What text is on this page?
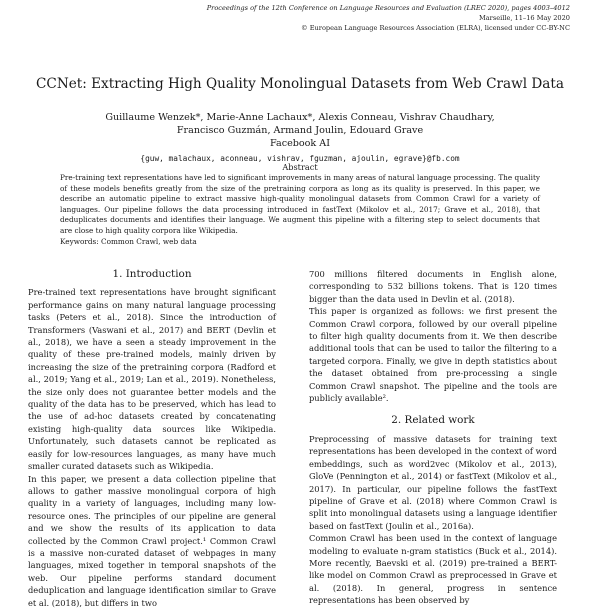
Proceedings of the 12th Conference on Language Resources and Evaluation (LREC 2020), pages 4003–4012
Marseille, 11–16 May 2020
© European Language Resources Association (ELRA), licensed under CC-BY-NC
CCNet: Extracting High Quality Monolingual Datasets from Web Crawl Data
Guillaume Wenzek*, Marie-Anne Lachaux*, Alexis Conneau, Vishrav Chaudhary,
Francisco Guzmán, Armand Joulin, Edouard Grave
Facebook AI
{guw, malachaux, aconneau, vishrav, fguzman, ajoulin, egrave}@fb.com
Abstract
Pre-training text representations have led to significant improvements in many areas of natural language processing. The quality of these models benefits greatly from the size of the pretraining corpora as long as its quality is preserved. In this paper, we describe an automatic pipeline to extract massive high-quality monolingual datasets from Common Crawl for a variety of languages. Our pipeline follows the data processing introduced in fastText (Mikolov et al., 2017; Grave et al., 2018), that deduplicates documents and identifies their language. We augment this pipeline with a filtering step to select documents that are close to high quality corpora like Wikipedia.
Keywords: Common Crawl, web data
1. Introduction

Pre-trained text representations have brought significant performance gains on many natural language processing tasks (Peters et al., 2018). Since the introduction of Transformers (Vaswani et al., 2017) and BERT (Devlin et al., 2018), we have a seen a steady improvement in the quality of these pre-trained models, mainly driven by increasing the size of the pretraining corpora (Radford et al., 2019; Yang et al., 2019; Lan et al., 2019). Nonetheless, the size only does not guarantee better models and the quality of the data has to be preserved, which has lead to the use of ad-hoc datasets created by concatenating existing high-quality data sources like Wikipedia. Unfortunately, such datasets cannot be replicated as easily for low-resources languages, as many have much smaller curated datasets such as Wikipedia.

In this paper, we present a data collection pipeline that allows to gather massive monolingual corpora of high quality in a variety of languages, including many low-resource ones. The principles of our pipeline are general and we show the results of its application to data collected by the Common Crawl project.¹ Common Crawl is a massive non-curated dataset of webpages in many languages, mixed together in temporal snapshots of the web. Our pipeline performs standard document deduplication and language identification similar to Grave et al. (2018), but differs in two

700 millions filtered documents in English alone, corresponding to 532 billions tokens. That is 120 times bigger than the data used in Devlin et al. (2018).

This paper is organized as follows: we first present the Common Crawl corpora, followed by our overall pipeline to filter high quality documents from it. We then describe additional tools that can be used to tailor the filtering to a targeted corpora. Finally, we give in depth statistics about the dataset obtained from pre-processing a single Common Crawl snapshot. The pipeline and the tools are publicly available².

2. Related work

Preprocessing of massive datasets for training text representations has been developed in the context of word embeddings, such as word2vec (Mikolov et al., 2013), GloVe (Pennington et al., 2014) or fastText (Mikolov et al., 2017). In particular, our pipeline follows the fastText pipeline of Grave et al. (2018) where Common Crawl is split into monolingual datasets using a language identifier based on fastText (Joulin et al., 2016a).

Common Crawl has been used in the context of language modeling to evaluate n-gram statistics (Buck et al., 2014). More recently, Baevski et al. (2019) pre-trained a BERT-like model on Common Crawl as preprocessed in Grave et al. (2018). In general, progress in sentence representations has been observed by
